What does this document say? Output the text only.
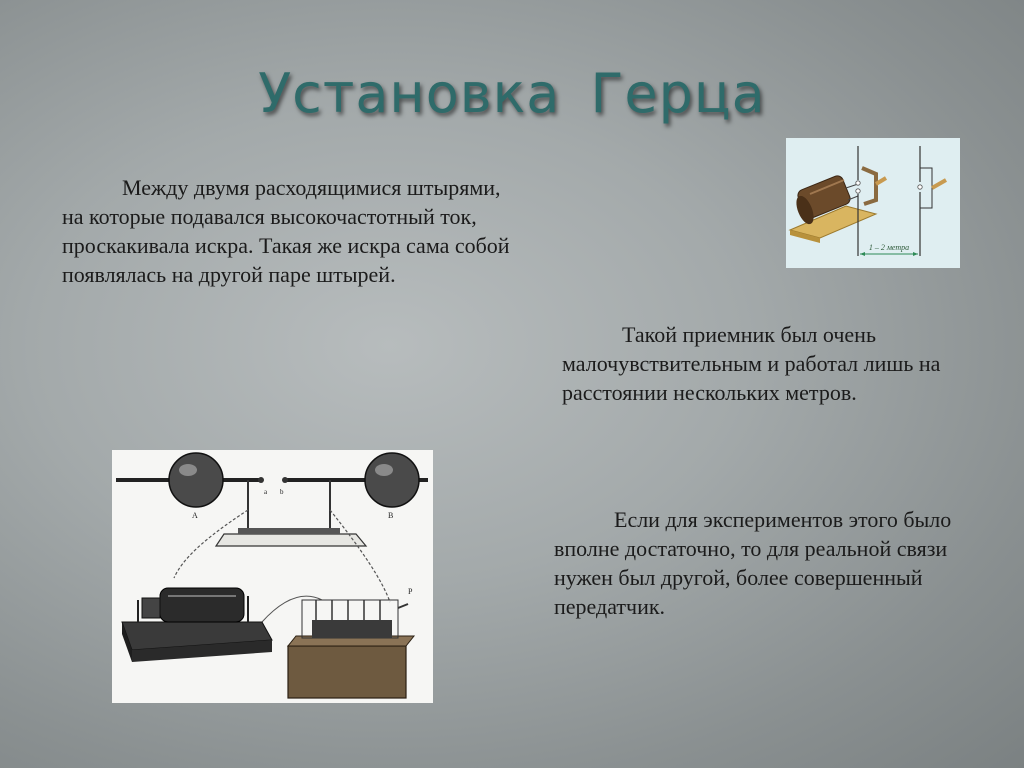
Установка Герца

Между двумя расходящимися штырями, на которые подавался высокочастотный ток, проскакивала искра. Такая же искра сама собой появлялась на другой паре штырей.

Такой приемник был очень малочувствительным и работал лишь на расстоянии нескольких метров.

Если для экспериментов этого было вполне достаточно, то для реальной связи нужен был другой, более совершенный передатчик.

1 – 2 метра
A	B
a b
P
